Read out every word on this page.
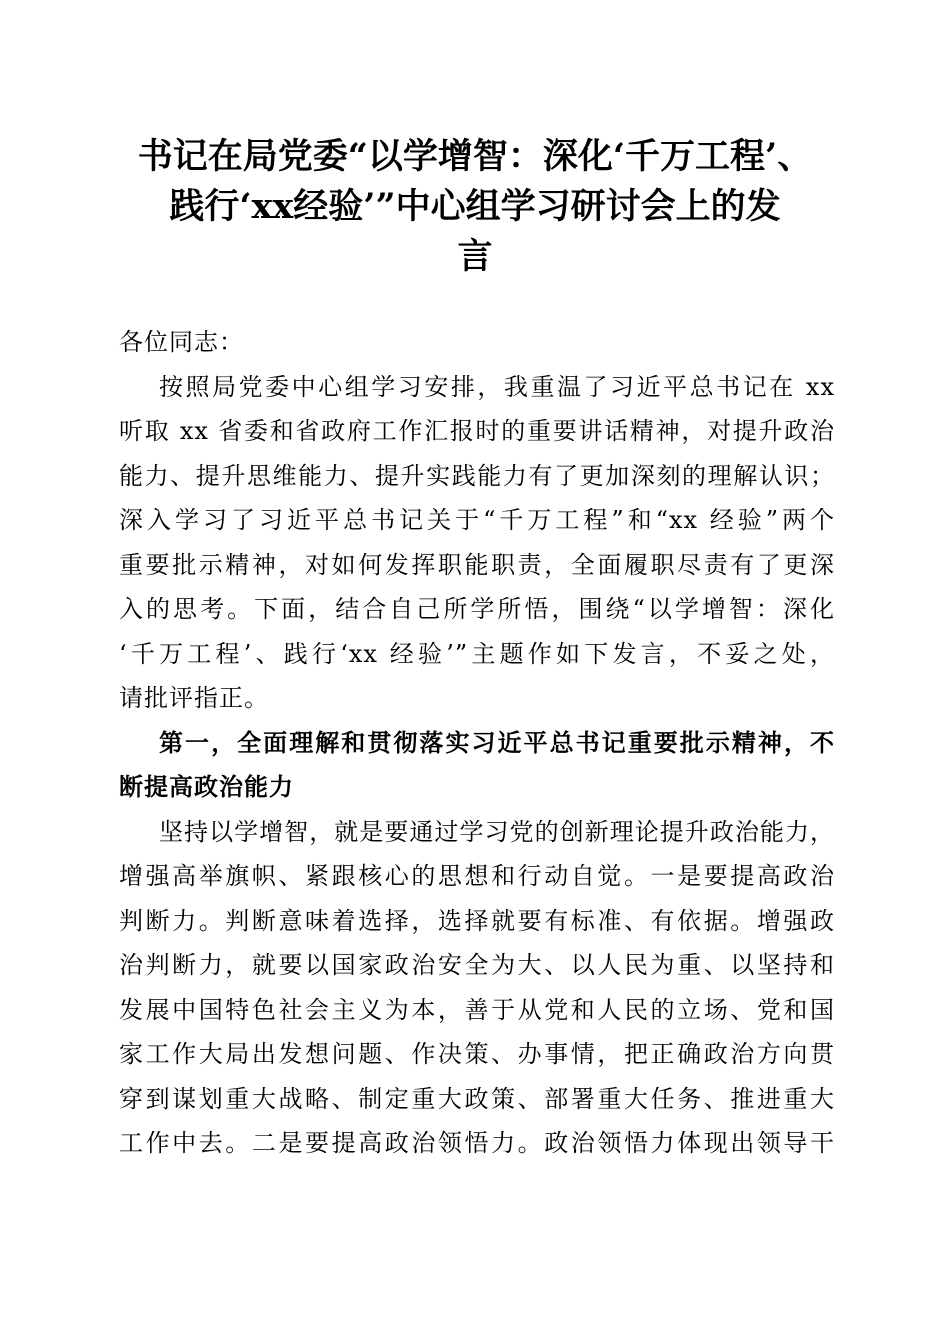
书记在局党委“以学增智：深化‘千万工程’、
践行‘xx经验’”中心组学习研讨会上的发
言
各位同志：
按照局党委中心组学习安排，我重温了习近平总书记在 xx
听取 xx 省委和省政府工作汇报时的重要讲话精神，对提升政治
能力、提升思维能力、提升实践能力有了更加深刻的理解认识；
深入学习了习近平总书记关于“千万工程”和“xx 经验”两个
重要批示精神，对如何发挥职能职责，全面履职尽责有了更深
入的思考。下面，结合自己所学所悟，围绕“以学增智：深化
‘千万工程’、践行‘xx 经验’”主题作如下发言，不妥之处，
请批评指正。
第一，全面理解和贯彻落实习近平总书记重要批示精神，不
断提高政治能力
坚持以学增智，就是要通过学习党的创新理论提升政治能力，
增强高举旗帜、紧跟核心的思想和行动自觉。一是要提高政治
判断力。判断意味着选择，选择就要有标准、有依据。增强政
治判断力，就要以国家政治安全为大、以人民为重、以坚持和
发展中国特色社会主义为本，善于从党和人民的立场、党和国
家工作大局出发想问题、作决策、办事情，把正确政治方向贯
穿到谋划重大战略、制定重大政策、部署重大任务、推进重大
工作中去。二是要提高政治领悟力。政治领悟力体现出领导干
